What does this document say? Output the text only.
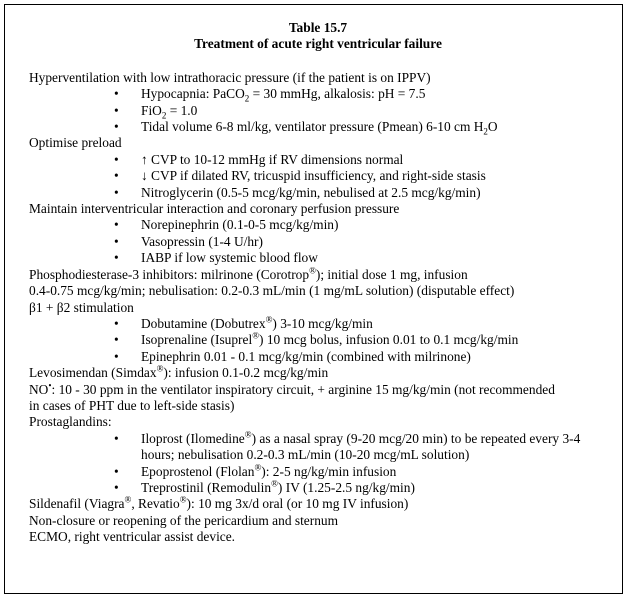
Table 15.7
Treatment of acute right ventricular failure
Hyperventilation with low intrathoracic pressure (if the patient is on IPPV)
• Hypocapnia: PaCO$_2$ = 30 mmHg, alkalosis: pH = 7.5
• FiO$_2$ = 1.0
• Tidal volume 6-8 ml/kg, ventilator pressure (Pmean) 6-10 cm $H_2O$
Optimise preload
• ↑ CVP to 10-12 mmHg if RV dimensions normal
• ↓ CVP if dilated RV, tricuspid insufficiency, and right-side stasis
• Nitroglycerin (0.5-5 mcg/kg/min, nebulised at 2.5 mcg/kg/min)
Maintain interventricular interaction and coronary perfusion pressure
• Norepinephrin (0.1-0-5 mcg/kg/min)
• Vasopressin (1-4 U/hr)
• IABP if low systemic blood flow
Phosphodiesterase-3 inhibitors: milrinone (Corotrop®); initial dose 1 mg, infusion
0.4-0.75 mcg/kg/min; nebulisation: 0.2-0.3 mL/min (1 mg/mL solution) (disputable effect)
β1 + β2 stimulation
• Dobutamine (Dobutrex®) 3-10 mcg/kg/min
• Isoprenaline (Isuprel®) 10 mcg bolus, infusion 0.01 to 0.1 mcg/kg/min
• Epinephrin 0.01 - 0.1 mcg/kg/min (combined with milrinone)
Levosimendan (Simdax®): infusion 0.1-0.2 mcg/kg/min
NO•: 10 - 30 ppm in the ventilator inspiratory circuit, + arginine 15 mg/kg/min (not recommended
in cases of PHT due to left-side stasis)
Prostaglandins:
• Iloprost (Ilomedine®) as a nasal spray (9-20 mcg/20 min) to be repeated every 3-4 hours; nebulisation 0.2-0.3 mL/min (10-20 mcg/mL solution)
• Epoprostenol (Flolan®): 2-5 ng/kg/min infusion
• Treprostinil (Remodulin®) IV (1.25-2.5 ng/kg/min)
Sildenafil (Viagra®, Revatio®): 10 mg 3x/d oral (or 10 mg IV infusion)
Non-closure or reopening of the pericardium and sternum
ECMO, right ventricular assist device.
